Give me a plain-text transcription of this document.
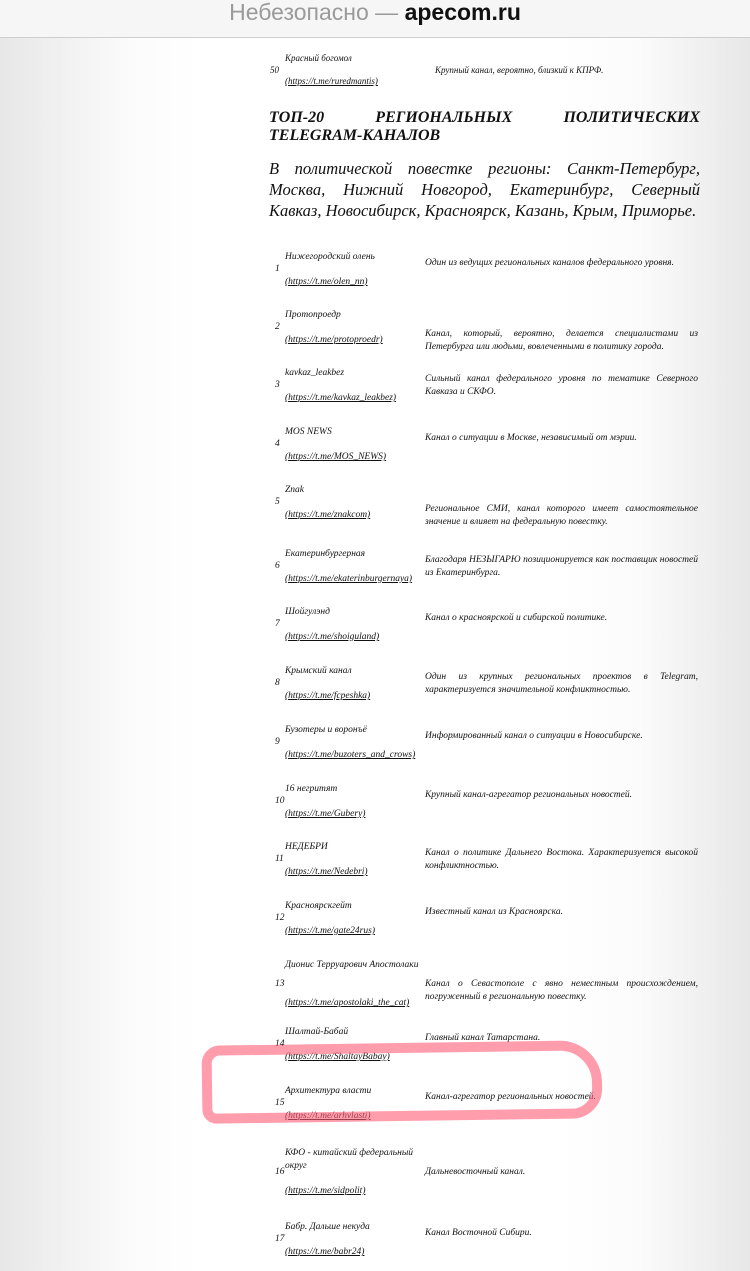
Небезопасно — apecom.ru
50
Красный богомол
(https://t.me/ruredmantis)
Крупный канал, вероятно, близкий к КПРФ.
ТОП-20 РЕГИОНАЛЬНЫХ ПОЛИТИЧЕСКИХ TELEGRAM-КАНАЛОВ
В политической повестке регионы: Санкт-Петербург, Москва, Нижний Новгород, Екатеринбург, Северный Кавказ, Новосибирск, Красноярск, Казань, Крым, Приморье.
1
Нижегородский олень
(https://t.me/olen_nn)
Один из ведущих региональных каналов федерального уровня.
2
Протопроедр
(https://t.me/protoproedr)
Канал, который, вероятно, делается специалистами из Петербурга или людьми, вовлеченными в политику города.
3
kavkaz_leakbez
(https://t.me/kavkaz_leakbez)
Сильный канал федерального уровня по тематике Северного Кавказа и СКФО.
4
MOS NEWS
(https://t.me/MOS_NEWS)
Канал о ситуации в Москве, независимый от мэрии.
5
Znak
(https://t.me/znakcom)
Региональное СМИ, канал которого имеет самостоятельное значение и влияет на федеральную повестку.
6
Екатеринбургерная
(https://t.me/ekaterinburgernaya)
Благодаря НЕЗЫГАРЮ позиционируется как поставщик новостей из Екатеринбурга.
7
Шойгулэнд
(https://t.me/shoiguland)
Канал о красноярской и сибирской политике.
8
Крымский канал
(https://t.me/fcpeshka)
Один из крупных региональных проектов в Telegram, характеризуется значительной конфликтностью.
9
Бузотеры и воронъё
(https://t.me/buzoters_and_crows)
Информированный канал о ситуации в Новосибирске.
10
16 негритят
(https://t.me/Gubery)
Крупный канал-агрегатор региональных новостей.
11
НЕДЕБРИ
(https://t.me/Nedebri)
Канал о политике Дальнего Востока. Характеризуется высокой конфликтностью.
12
Красноярскгейт
(https://t.me/gate24rus)
Известный канал из Красноярска.
13
Дионис Терруарович Апостолаки
(https://t.me/apostolaki_the_cat)
Канал о Севастополе с явно неместным происхождением, погруженный в региональную повестку.
14
Шалтай-Бабай
(https://t.me/ShaltayBabay)
Главный канал Татарстана.
15
Архитектура власти
(https://t.me/arhvlasti)
Канал-агрегатор региональных новостей.
16
КФО - китайский федеральный округ
(https://t.me/sidpolit)
Дальневосточный канал.
17
Бабр. Дальше некуда
(https://t.me/babr24)
Канал Восточной Сибири.
